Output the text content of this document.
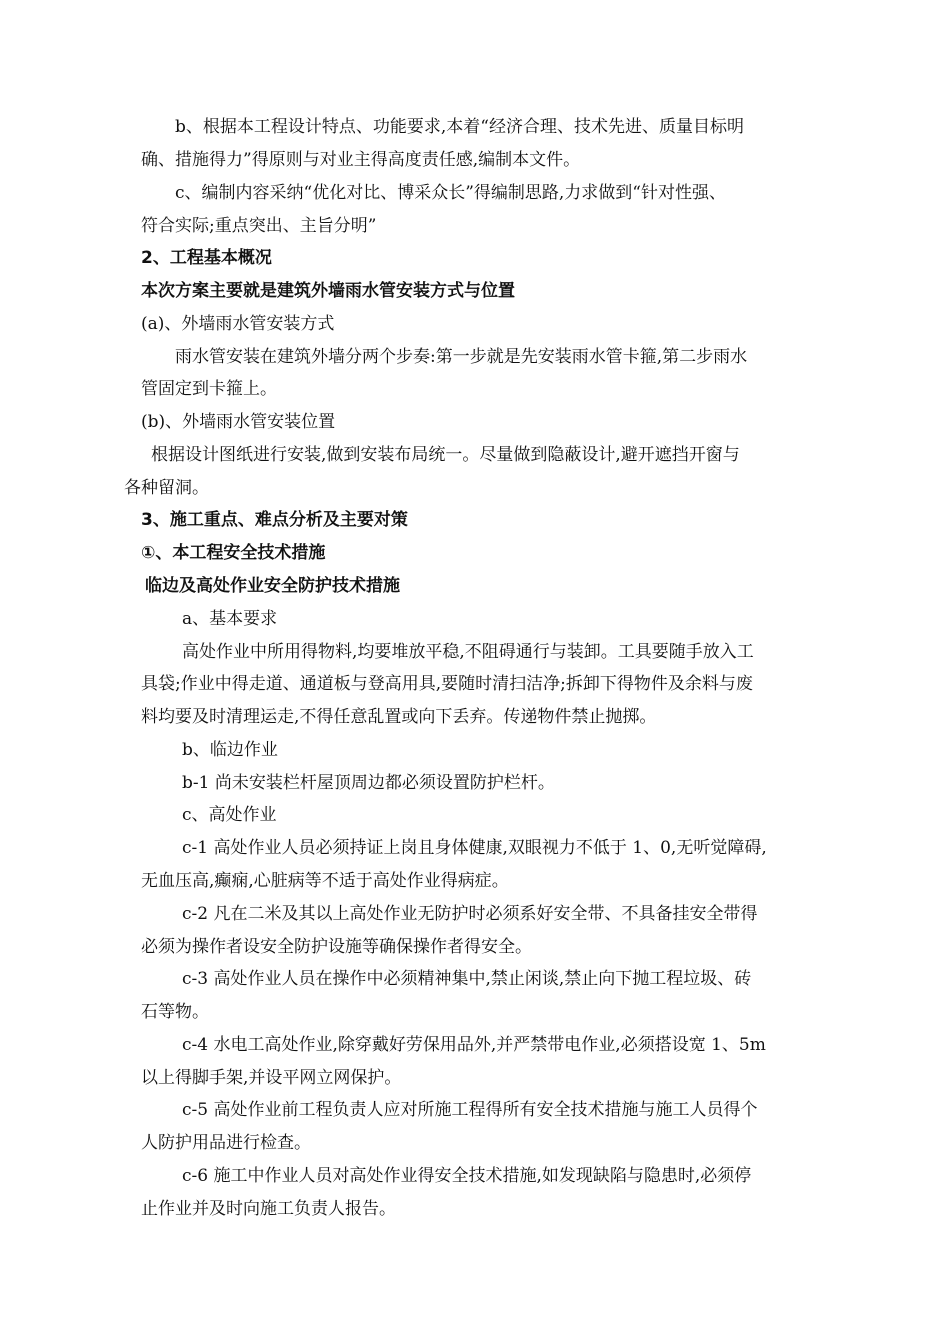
b、根据本工程设计特点、功能要求,本着“经济合理、技术先进、质量目标明
确、措施得力”得原则与对业主得高度责任感,编制本文件。
c、编制内容采纳“优化对比、博采众长”得编制思路,力求做到“针对性强、
符合实际;重点突出、主旨分明”
2、工程基本概况
本次方案主要就是建筑外墙雨水管安装方式与位置
(a)、外墙雨水管安装方式
雨水管安装在建筑外墙分两个步奏:第一步就是先安装雨水管卡箍,第二步雨水
管固定到卡箍上。
(b)、外墙雨水管安装位置
根据设计图纸进行安装,做到安装布局统一。尽量做到隐蔽设计,避开遮挡开窗与
各种留洞。
3、施工重点、难点分析及主要对策
①、本工程安全技术措施
临边及高处作业安全防护技术措施
a、基本要求
高处作业中所用得物料,均要堆放平稳,不阻碍通行与装卸。工具要随手放入工
具袋;作业中得走道、通道板与登高用具,要随时清扫洁净;拆卸下得物件及余料与废
料均要及时清理运走,不得任意乱置或向下丢弃。传递物件禁止抛掷。
b、临边作业
b-1 尚未安装栏杆屋顶周边都必须设置防护栏杆。
c、高处作业
c-1 高处作业人员必须持证上岗且身体健康,双眼视力不低于 1、0,无听觉障碍,
无血压高,癫痫,心脏病等不适于高处作业得病症。
c-2 凡在二米及其以上高处作业无防护时必须系好安全带、不具备挂安全带得
必须为操作者设安全防护设施等确保操作者得安全。
c-3 高处作业人员在操作中必须精神集中,禁止闲谈,禁止向下抛工程垃圾、砖
石等物。
c-4 水电工高处作业,除穿戴好劳保用品外,并严禁带电作业,必须搭设宽 1、5m
以上得脚手架,并设平网立网保护。
c-5 高处作业前工程负责人应对所施工程得所有安全技术措施与施工人员得个
人防护用品进行检查。
c-6 施工中作业人员对高处作业得安全技术措施,如发现缺陷与隐患时,必须停
止作业并及时向施工负责人报告。
